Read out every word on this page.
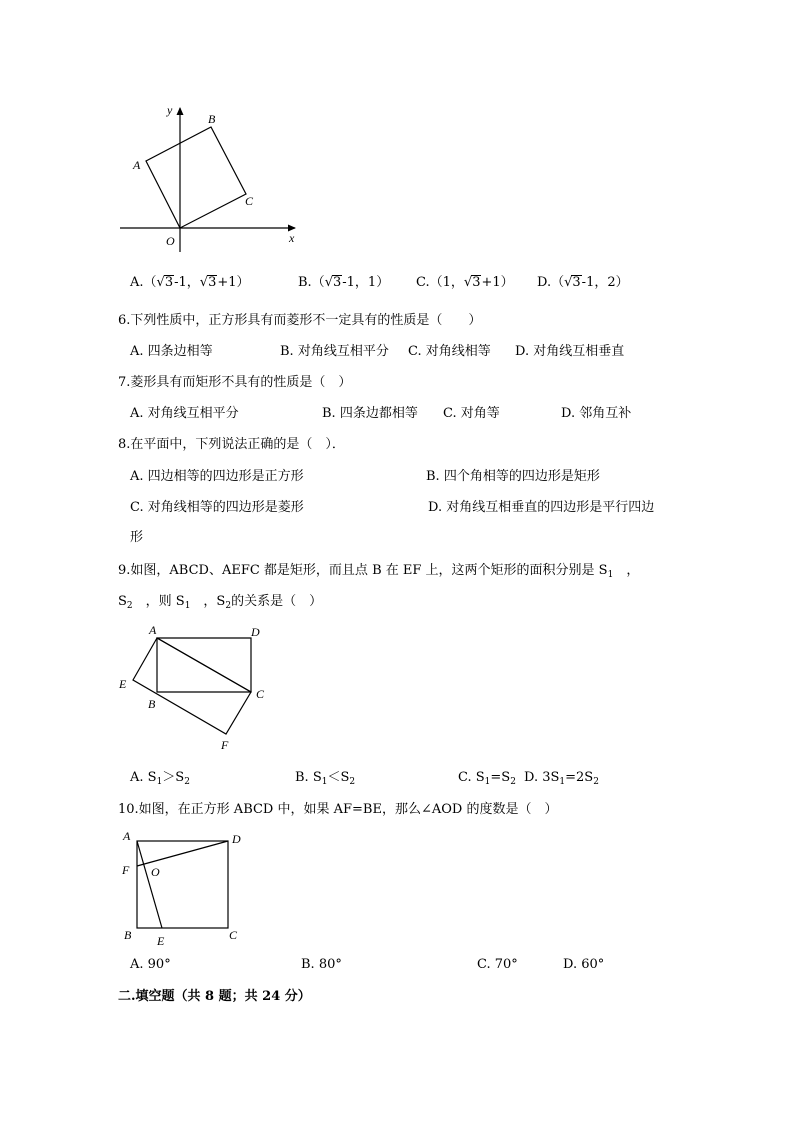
y
x
O
A
B
C
A.（√3-1，√3+1）	B.（√3-1，1） C.（1，√3+1） D.（√3-1，2）
6.下列性质中，正方形具有而菱形不一定具有的性质是（　　）
A. 四条边相等	B. 对角线互相平分 C. 对角线相等 D. 对角线互相垂直
7.菱形具有而矩形不具有的性质是（　）
A. 对角线互相平分	B. 四条边都相等 C. 对角等	D. 邻角互补
8.在平面中，下列说法正确的是（　）．
A. 四边相等的四边形是正方形	B. 四个角相等的四边形是矩形
C. 对角线相等的四边形是菱形	D. 对角线互相垂直的四边形是平行四边
形
9.如图，ABCD、AEFC 都是矩形，而且点 B 在 EF 上，这两个矩形的面积分别是 $S_1$　，
$S_2$　，则 $S_1$　，$S_2$的关系是（　）
A	D
E
B
C
F
A. $S_1>S_2$	B. $S_1<S_2$	C. $S_1=S_2$ D. $3S_1=2S_2$
10.如图，在正方形 ABCD 中，如果 AF=BE，那么∠AOD 的度数是（　）
A	D
F O
B E	C
A. 90°	B. 80°	C. 70°	D. 60°
二.填空题（共 8 题；共 24 分）
